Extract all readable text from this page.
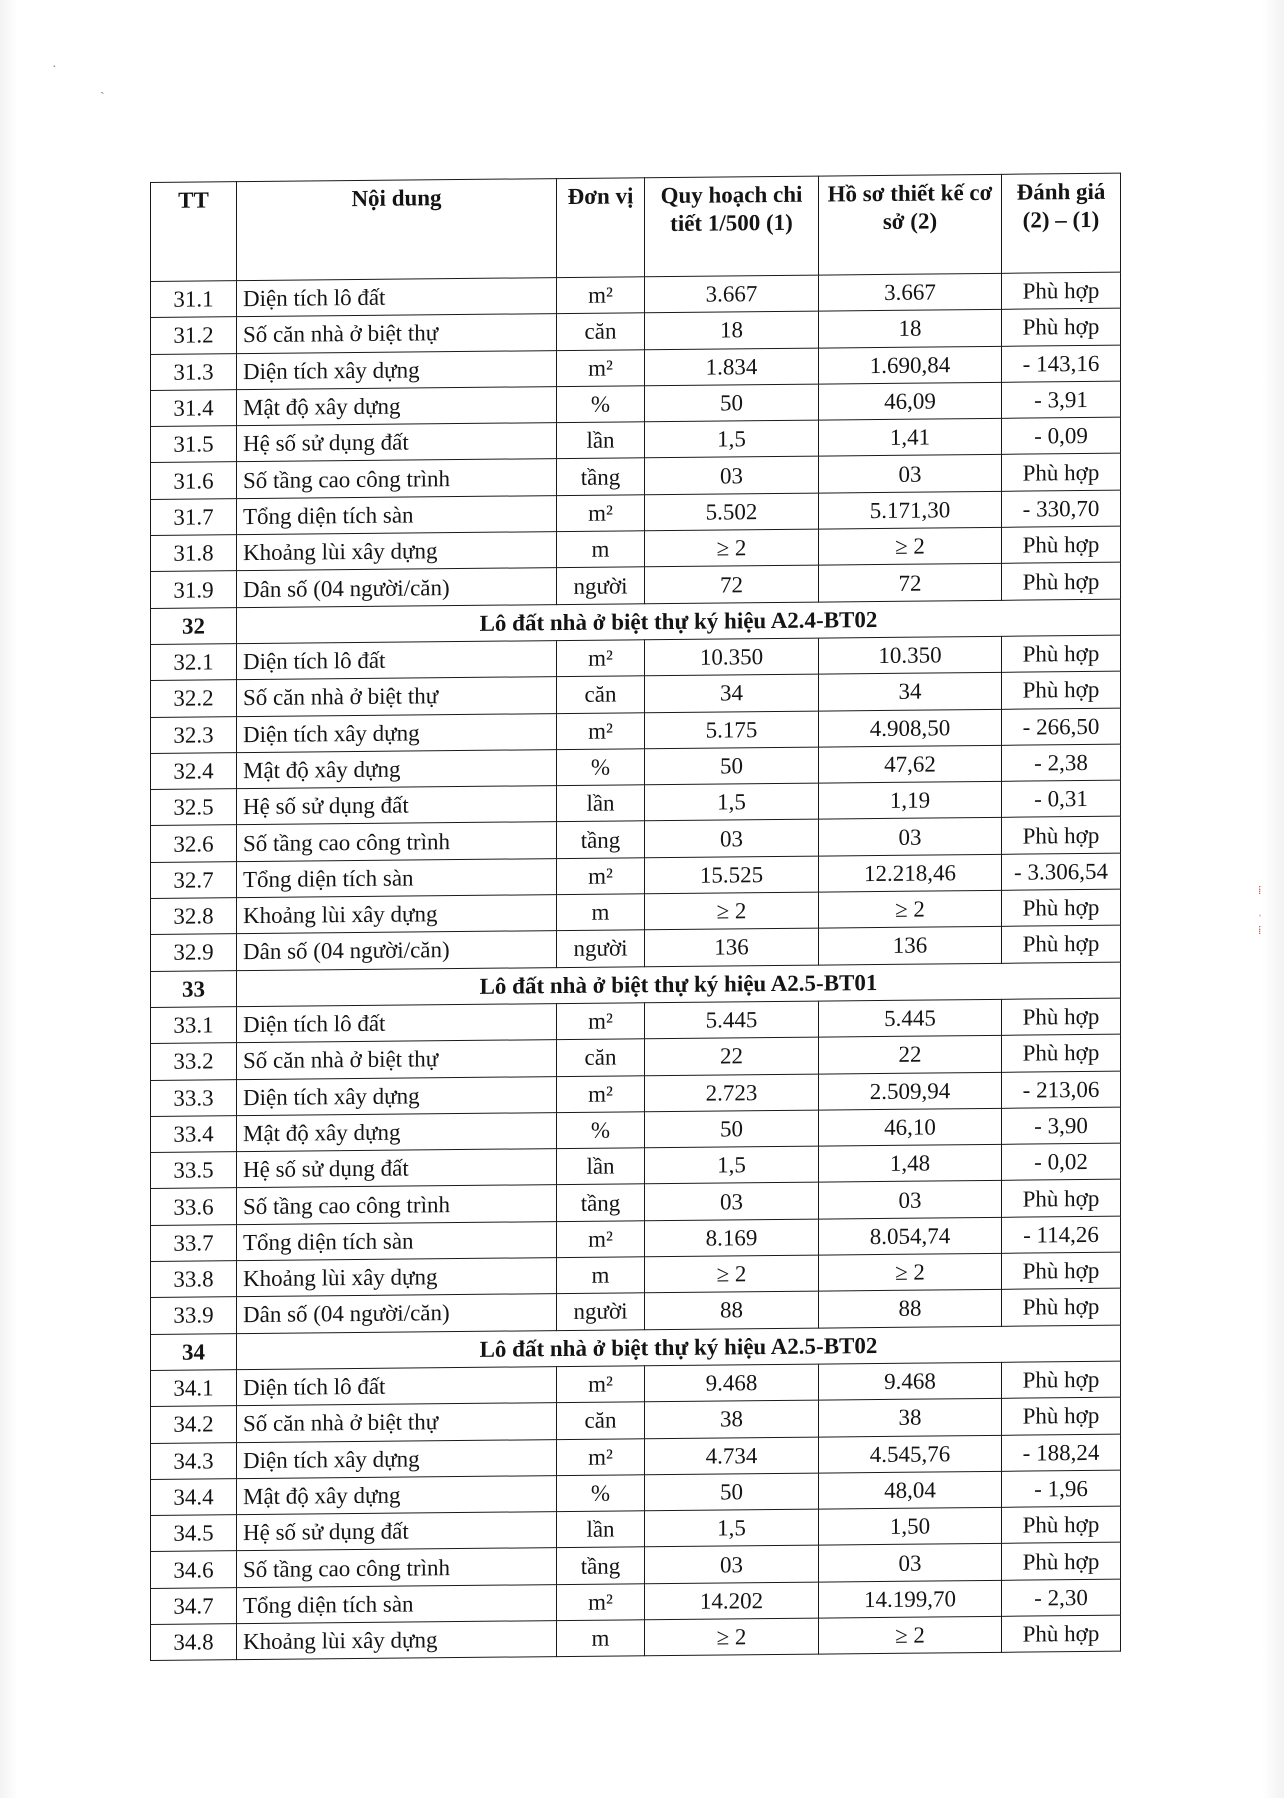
·
ˏ
TT	Nội dung	Đơn vị	Quy hoạch chi tiết 1/500 (1)	Hồ sơ thiết kế cơ sở (2)	Đánh giá (2) – (1)
31.1	Diện tích lô đất	m²	3.667	3.667	Phù hợp
31.2	Số căn nhà ở biệt thự	căn	18	18	Phù hợp
31.3	Diện tích xây dựng	m²	1.834	1.690,84	- 143,16
31.4	Mật độ xây dựng	%	50	46,09	- 3,91
31.5	Hệ số sử dụng đất	lần	1,5	1,41	- 0,09
31.6	Số tầng cao công trình	tầng	03	03	Phù hợp
31.7	Tổng diện tích sàn	m²	5.502	5.171,30	- 330,70
31.8	Khoảng lùi xây dựng	m	≥ 2	≥ 2	Phù hợp
31.9	Dân số (04 người/căn)	người	72	72	Phù hợp
32	Lô đất nhà ở biệt thự ký hiệu A2.4-BT02				
32.1	Diện tích lô đất	m²	10.350	10.350	Phù hợp
32.2	Số căn nhà ở biệt thự	căn	34	34	Phù hợp
32.3	Diện tích xây dựng	m²	5.175	4.908,50	- 266,50
32.4	Mật độ xây dựng	%	50	47,62	- 2,38
32.5	Hệ số sử dụng đất	lần	1,5	1,19	- 0,31
32.6	Số tầng cao công trình	tầng	03	03	Phù hợp
32.7	Tổng diện tích sàn	m²	15.525	12.218,46	- 3.306,54
32.8	Khoảng lùi xây dựng	m	≥ 2	≥ 2	Phù hợp
32.9	Dân số (04 người/căn)	người	136	136	Phù hợp
33	Lô đất nhà ở biệt thự ký hiệu A2.5-BT01				
33.1	Diện tích lô đất	m²	5.445	5.445	Phù hợp
33.2	Số căn nhà ở biệt thự	căn	22	22	Phù hợp
33.3	Diện tích xây dựng	m²	2.723	2.509,94	- 213,06
33.4	Mật độ xây dựng	%	50	46,10	- 3,90
33.5	Hệ số sử dụng đất	lần	1,5	1,48	- 0,02
33.6	Số tầng cao công trình	tầng	03	03	Phù hợp
33.7	Tổng diện tích sàn	m²	8.169	8.054,74	- 114,26
33.8	Khoảng lùi xây dựng	m	≥ 2	≥ 2	Phù hợp
33.9	Dân số (04 người/căn)	người	88	88	Phù hợp
34	Lô đất nhà ở biệt thự ký hiệu A2.5-BT02				
34.1	Diện tích lô đất	m²	9.468	9.468	Phù hợp
34.2	Số căn nhà ở biệt thự	căn	38	38	Phù hợp
34.3	Diện tích xây dựng	m²	4.734	4.545,76	- 188,24
34.4	Mật độ xây dựng	%	50	48,04	- 1,96
34.5	Hệ số sử dụng đất	lần	1,5	1,50	Phù hợp
34.6	Số tầng cao công trình	tầng	03	03	Phù hợp
34.7	Tổng diện tích sàn	m²	14.202	14.199,70	- 2,30
34.8	Khoảng lùi xây dựng	m	≥ 2	≥ 2	Phù hợp
⁞
ˌ
⁞
